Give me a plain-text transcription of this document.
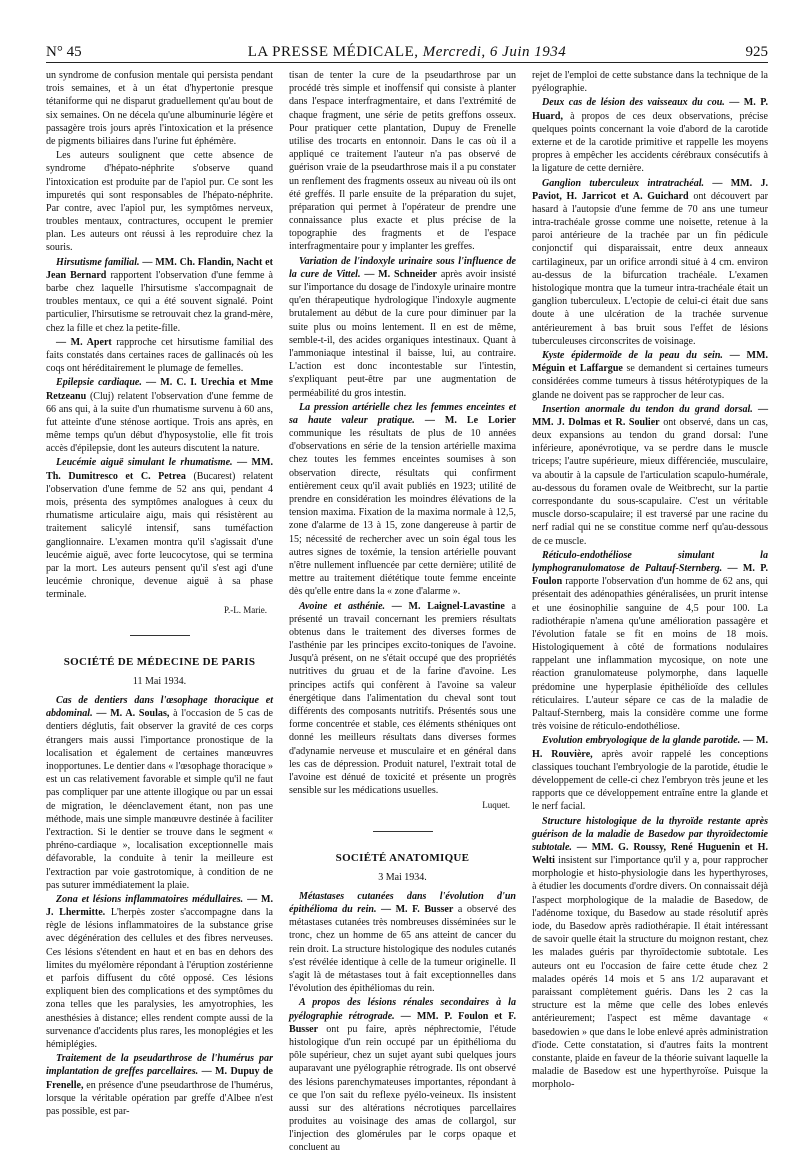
N° 45	LA PRESSE MÉDICALE, Mercredi, 6 Juin 1934	925

un syndrome de confusion mentale qui persista pendant trois semaines, et à un état d'hypertonie presque tétaniforme qui ne disparut graduellement qu'au bout de six semaines. On ne décela qu'une albuminurie légère et passagère trois jours après l'intoxication et la présence de pigments biliaires dans l'urine fut éphémère.

Les auteurs soulignent que cette absence de syndrome d'hépato-néphrite s'observe quand l'intoxication est produite par de l'apiol pur. Ce sont les impuretés qui sont responsables de l'hépato-néphrite. Par contre, avec l'apiol pur, les symptômes nerveux, troubles mentaux, contractures, occupent le premier plan. Les auteurs ont réussi à les reproduire chez la souris.

Hirsutisme familial. — MM. Ch. Flandin, Nacht et Jean Bernard rapportent l'observation d'une femme à barbe chez laquelle l'hirsutisme s'accompagnait de troubles mentaux, ce qui a été souvent signalé. Point particulier, l'hirsutisme se retrouvait chez la grand-mère, chez la fille et chez la petite-fille.

— M. Apert rapproche cet hirsutisme familial des faits constatés dans certaines races de gallinacés où les coqs ont héréditairement le plumage de femelles.

Epilepsie cardiaque. — M. C. I. Urechia et Mme Retzeanu (Cluj) relatent l'observation d'une femme de 66 ans qui, à la suite d'un rhumatisme survenu à 60 ans, fut atteinte d'une sténose aortique. Trois ans après, en même temps qu'un début d'hyposystolie, elle fit trois accès d'épilepsie, dont les auteurs discutent la nature.

Leucémie aiguë simulant le rhumatisme. — MM. Th. Dumitresco et C. Petrea (Bucarest) relatent l'observation d'une femme de 52 ans qui, pendant 4 mois, présenta des symptômes analogues à ceux du rhumatisme articulaire aigu, mais qui résistèrent au traitement salicylé intensif, sans tuméfaction ganglionnaire. L'examen montra qu'il s'agissait d'une leucémie aiguë, avec forte leucocytose, qui se termina par la mort. Les auteurs pensent qu'il s'est agi d'une leucémie chronique, devenue aiguë à sa phase terminale.

P.-L. Marie.
SOCIÉTÉ DE MÉDECINE DE PARIS
11 Mai 1934.

Cas de dentiers dans l'œsophage thoracique et abdominal. — M. A. Soulas, à l'occasion de 5 cas de dentiers déglutis, fait observer la gravité de ces corps étrangers mais aussi l'importance pronostique de la localisation et également de certaines manœuvres inopportunes. Le dentier dans « l'œsophage thoracique » est un cas relativement favorable et simple qu'il ne faut pas compliquer par une attente illogique ou par un essai de migration, le déenclavement étant, non pas une méthode, mais une simple manœuvre destinée à faciliter l'extraction. Si le dentier se trouve dans le segment « phréno-cardiaque », localisation exceptionnelle mais défavorable, la conduite à tenir la meilleure est l'extraction par voie gastrotomique, à condition de ne pas suturer immédiatement la plaie.

Zona et lésions inflammatoires médullaires. — M. J. Lhermitte. L'herpès zoster s'accompagne dans la règle de lésions inflammatoires de la substance grise avec dégénération des cellules et des fibres nerveuses. Ces lésions s'étendent en haut et en bas en dehors des limites du myélomère répondant à l'éruption zostérienne et parfois diffusent du côté opposé. Ces lésions expliquent bien des complications et des symptômes du zona telles que les paralysies, les amyotrophies, les anesthésies à distance; elles rendent compte aussi de la survenance d'accidents plus rares, les monoplégies et les hémiplégies.

Traitement de la pseudarthrose de l'humérus par implantation de greffes parcellaires. — M. Dupuy de Frenelle, en présence d'une pseudarthrose de l'humérus, lorsque la véritable opération par greffe d'Albee n'est pas possible, est par-

tisan de tenter la cure de la pseudarthrose par un procédé très simple et inoffensif qui consiste à planter dans l'espace interfragmentaire, et dans l'extrémité de chaque fragment, une série de petits greffons osseux. Pour pratiquer cette plantation, Dupuy de Frenelle utilise des trocarts en entonnoir. Dans le cas où il a appliqué ce traitement l'auteur n'a pas observé de guérison vraie de la pseudarthrose mais il a pu constater un renflement des fragments osseux au niveau où ils ont été greffés. Il parle ensuite de la préparation du sujet, préparation qui permet à l'opérateur de prendre une connaissance plus exacte et plus précise de la topographie des fragments et de l'espace interfragmentaire pour y implanter les greffes.

Variation de l'indoxyle urinaire sous l'influence de la cure de Vittel. — M. Schneider après avoir insisté sur l'importance du dosage de l'indoxyle urinaire montre qu'en thérapeutique hydrologique l'indoxyle augmente brutalement au début de la cure pour diminuer par la suite plus ou moins lentement. Il en est de même, semble-t-il, des acides organiques intestinaux. Quant à l'ammoniaque intestinal il baisse, lui, au contraire. L'action est donc incontestable sur l'intestin, s'expliquant peut-être par une augmentation de perméabilité du gros intestin.

La pression artérielle chez les femmes enceintes et sa haute valeur pratique. — M. Le Lorier communique les résultats de plus de 10 années d'observations en série de la tension artérielle maxima chez toutes les femmes enceintes soumises à son observation directe, résultats qui confirment entièrement ceux qu'il avait publiés en 1923; utilité de prendre en considération les moindres élévations de la tension maxima. Fixation de la maxima normale à 12,5, zone d'alarme de 13 à 15, zone dangereuse à partir de 15; nécessité de rechercher avec un soin égal tous les autres signes de toxémie, la tension artérielle pouvant n'être nullement influencée par cette dernière; utilité de mettre au traitement diététique toute femme enceinte dès qu'elle entre dans la « zone d'alarme ».

Avoine et asthénie. — M. Laignel-Lavastine a présenté un travail concernant les premiers résultats obtenus dans le traitement des diverses formes de l'asthénie par les principes excito-toniques de l'avoine. Jusqu'à présent, on ne s'était occupé que des propriétés nutritives du gruau et de la farine d'avoine. Les principes actifs qui confèrent à l'avoine sa valeur énergétique dans l'alimentation du cheval sont tout différents des composants nutritifs. Présentés sous une forme concentrée et stable, ces éléments sthéniques ont donné les meilleurs résultats dans diverses formes d'adynamie nerveuse et musculaire et en général dans les cas de dépression. Produit naturel, l'extrait total de l'avoine est dénué de toxicité et présente un progrès sensible sur les médications usuelles.

Luquet.
SOCIÉTÉ ANATOMIQUE
3 Mai 1934.

Métastases cutanées dans l'évolution d'un épithélioma du rein. — M. F. Busser a observé des métastases cutanées très nombreuses disséminées sur le tronc, chez un homme de 65 ans atteint de cancer du rein droit. La structure histologique des nodules cutanés s'est révélée identique à celle de la tumeur originelle. Il s'agit là de métastases tout à fait exceptionnelles dans l'évolution des épithéliomas du rein.

A propos des lésions rénales secondaires à la pyélographie rétrograde. — MM. P. Foulon et F. Busser ont pu faire, après néphrectomie, l'étude histologique d'un rein occupé par un épithélioma du pôle supérieur, chez un sujet ayant subi quelques jours auparavant une pyélographie rétrograde. Ils ont observé des lésions parenchymateuses importantes, répondant à ce que l'on sait du reflexe pyélo-veineux. Ils insistent aussi sur des altérations nécrotiques parcellaires produites au voisinage des amas de collargol, sur l'injection des glomérules par le corps opaque et concluent au

rejet de l'emploi de cette substance dans la technique de la pyélographie.

Deux cas de lésion des vaisseaux du cou. — M. P. Huard, à propos de ces deux observations, précise quelques points concernant la voie d'abord de la carotide externe et de la carotide primitive et rappelle les moyens propres à empêcher les accidents cérébraux consécutifs à la ligature de cette dernière.

Ganglion tuberculeux intratrachéal. — MM. J. Paviot, H. Jarricot et A. Guichard ont découvert par hasard à l'autopsie d'une femme de 70 ans une tumeur intra-trachéale grosse comme une noisette, retenue à la paroi antérieure de la trachée par un fin pédicule conjonctif qui disparaissait, entre deux anneaux cartilagineux, par un orifice arrondi situé à 4 cm. environ au-dessus de la bifurcation trachéale. L'examen histologique montra que la tumeur intra-trachéale était un ganglion tuberculeux. L'ectopie de celui-ci était due sans doute à une ulcération de la trachée survenue antérieurement à bas bruit sous l'effet de lésions tuberculeuses circonscrites de voisinage.

Kyste épidermoïde de la peau du sein. — MM. Méguin et Laffargue se demandent si certaines tumeurs considérées comme tumeurs à tissus hétérotypiques de la glande ne doivent pas se rapprocher de leur cas.

Insertion anormale du tendon du grand dorsal. — MM. J. Dolmas et R. Soulier ont observé, dans un cas, deux expansions au tendon du grand dorsal: l'une inférieure, aponévrotique, va se perdre dans le muscle triceps; l'autre supérieure, mieux différenciée, musculaire, va aboutir à la capsule de l'articulation scapulo-humérale, au-dessous du foramen ovale de Weitbrecht, sur la partie correspondante du sous-scapulaire. C'est un véritable muscle dorso-scapulaire; il est traversé par une racine du nerf radial qui ne se constitue comme nerf qu'au-dessous de ce muscle.

Réticulo-endothéliose simulant la lymphogranulomatose de Paltauf-Sternberg. — M. P. Foulon rapporte l'observation d'un homme de 62 ans, qui présentait des adénopathies généralisées, un prurit intense et une éosinophilie sanguine de 4,5 pour 100. La radiothérapie n'amena qu'une amélioration passagère et l'évolution fatale se fit en moins de 18 mois. Histologiquement à côté de formations nodulaires rappelant une inflammation mycosique, on note une réaction granulomateuse polymorphe, dans laquelle prédomine une hyperplasie épithélioïde des cellules réticulaires. L'auteur sépare ce cas de la maladie de Paltauf-Sternberg, mais la considère comme une forme très voisine de réticulo-endothéliose.

Evolution embryologique de la glande parotide. — M. H. Rouvière, après avoir rappelé les conceptions classiques touchant l'embryologie de la parotide, étudie le développement de celle-ci chez l'embryon très jeune et les rapports que ce développement entraîne entre la glande et le nerf facial.

Structure histologique de la thyroïde restante après guérison de la maladie de Basedow par thyroïdectomie subtotale. — MM. G. Roussy, René Huguenin et H. Welti insistent sur l'importance qu'il y a, pour rapprocher morphologie et histo-physiologie dans les hyperthyroses, à étudier les documents d'ordre divers. On connaissait déjà l'aspect morphologique de la maladie de Basedow, de l'adénome toxique, du Basedow au stade résolutif après iode, du Basedow après radiothérapie. Il était intéressant de savoir quelle était la structure du moignon restant, chez les malades guéris par thyroïdectomie subtotale. Les auteurs ont eu l'occasion de faire cette étude chez 2 malades opérés 14 mois et 5 ans 1/2 auparavant et paraissant complètement guéris. Dans les 2 cas la structure est la même que celle des lobes enlevés antérieurement; l'aspect est même davantage « basedowien » que dans le lobe enlevé après administration d'iode. Cette constatation, si d'autres faits la montrent constante, plaide en faveur de la théorie suivant laquelle la maladie de Basedow est une hyperthyroïse. Puisque la morpholo-
